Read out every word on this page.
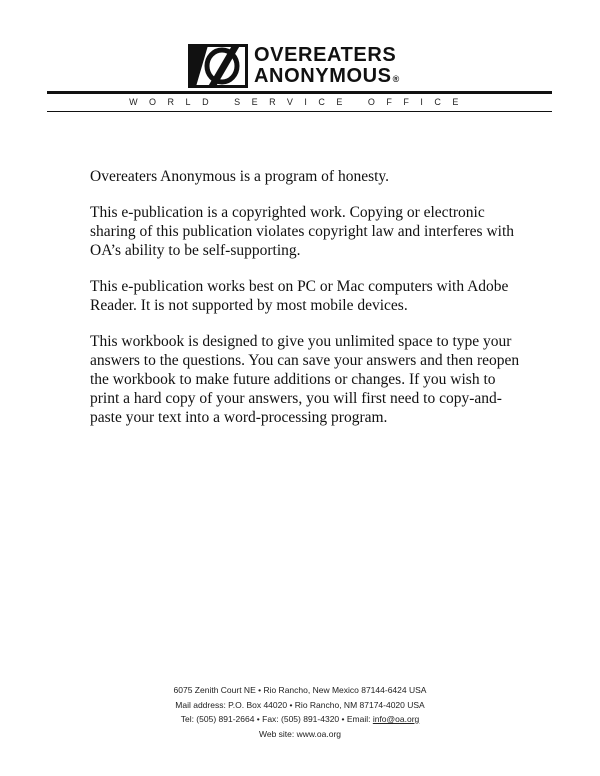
OVEREATERS
ANONYMOUS®
WORLD SERVICE OFFICE

Overeaters Anonymous is a program of honesty.

This e-publication is a copyrighted work. Copying or electronic sharing of this publication violates copyright law and interferes with OA’s ability to be self-supporting.

This e-publication works best on PC or Mac computers with Adobe Reader. It is not supported by most mobile devices.

This workbook is designed to give you unlimited space to type your answers to the questions. You can save your answers and then reopen the workbook to make future additions or changes. If you wish to print a hard copy of your answers, you will first need to copy-and-paste your text into a word-processing program.

6075 Zenith Court NE • Rio Rancho, New Mexico 87144-6424 USA
Mail address: P.O. Box 44020 • Rio Rancho, NM 87174-4020 USA
Tel: (505) 891-2664 • Fax: (505) 891-4320 • Email: info@oa.org
Web site: www.oa.org
